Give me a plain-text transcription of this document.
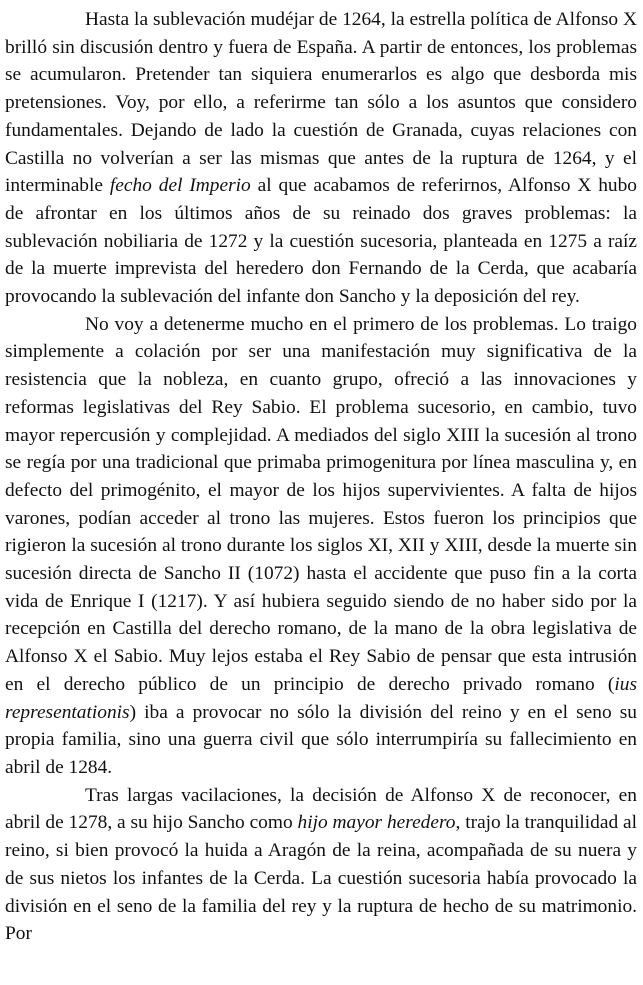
Hasta la sublevación mudéjar de 1264, la estrella política de Alfonso X brilló sin discusión dentro y fuera de España. A partir de entonces, los problemas se acumularon. Pretender tan siquiera enumerarlos es algo que desborda mis pretensiones. Voy, por ello, a referirme tan sólo a los asuntos que considero fundamentales. Dejando de lado la cuestión de Granada, cuyas relaciones con Castilla no volverían a ser las mismas que antes de la ruptura de 1264, y el interminable fecho del Imperio al que acabamos de referirnos, Alfonso X hubo de afrontar en los últimos años de su reinado dos graves problemas: la sublevación nobiliaria de 1272 y la cuestión sucesoria, planteada en 1275 a raíz de la muerte imprevista del heredero don Fernando de la Cerda, que acabaría provocando la sublevación del infante don Sancho y la deposición del rey.

No voy a detenerme mucho en el primero de los problemas. Lo traigo simplemente a colación por ser una manifestación muy significativa de la resistencia que la nobleza, en cuanto grupo, ofreció a las innovaciones y reformas legislativas del Rey Sabio. El problema sucesorio, en cambio, tuvo mayor repercusión y complejidad. A mediados del siglo XIII la sucesión al trono se regía por una tradicional que primaba primogenitura por línea masculina y, en defecto del primogénito, el mayor de los hijos supervivientes. A falta de hijos varones, podían acceder al trono las mujeres. Estos fueron los principios que rigieron la sucesión al trono durante los siglos XI, XII y XIII, desde la muerte sin sucesión directa de Sancho II (1072) hasta el accidente que puso fin a la corta vida de Enrique I (1217). Y así hubiera seguido siendo de no haber sido por la recepción en Castilla del derecho romano, de la mano de la obra legislativa de Alfonso X el Sabio. Muy lejos estaba el Rey Sabio de pensar que esta intrusión en el derecho público de un principio de derecho privado romano (ius representationis) iba a provocar no sólo la división del reino y en el seno su propia familia, sino una guerra civil que sólo interrumpiría su fallecimiento en abril de 1284.

Tras largas vacilaciones, la decisión de Alfonso X de reconocer, en abril de 1278, a su hijo Sancho como hijo mayor heredero, trajo la tranquilidad al reino, si bien provocó la huida a Aragón de la reina, acompañada de su nuera y de sus nietos los infantes de la Cerda. La cuestión sucesoria había provocado la división en el seno de la familia del rey y la ruptura de hecho de su matrimonio. Por
